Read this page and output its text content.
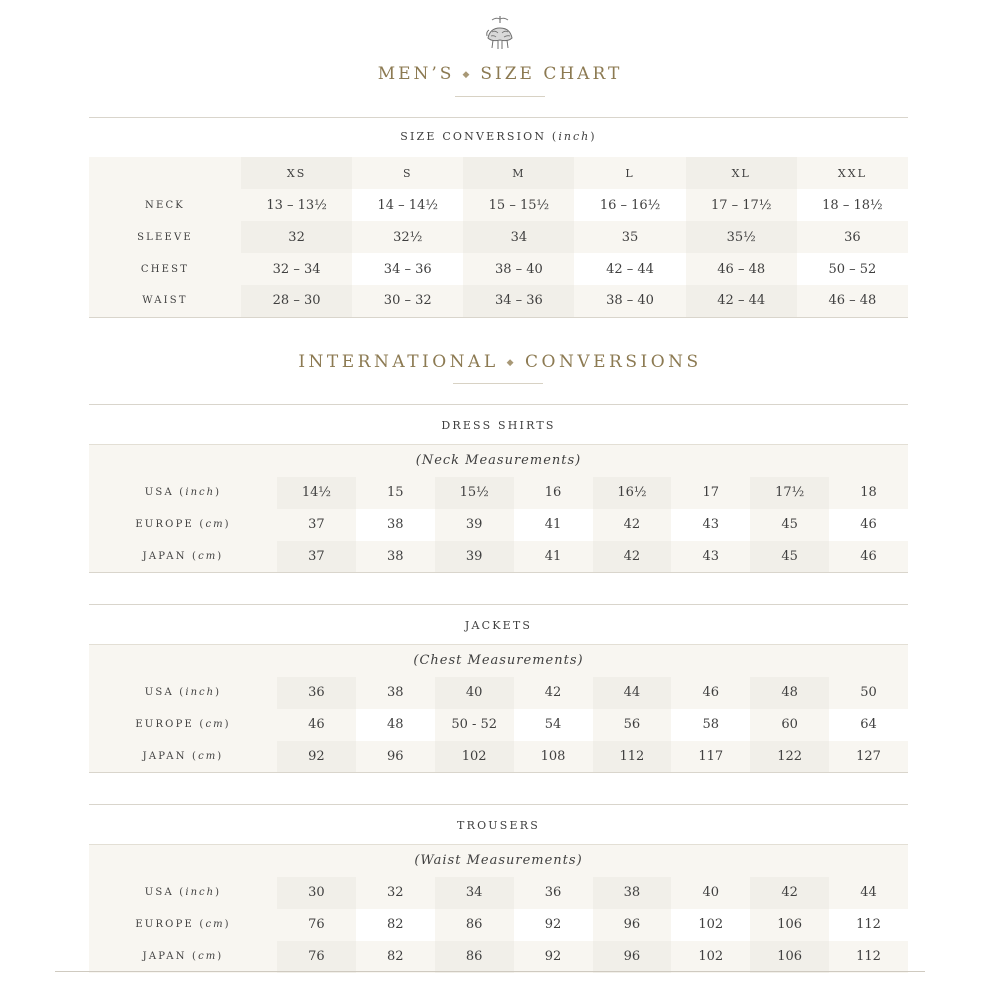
MEN’S ◆ SIZE CHART
SIZE CONVERSION (inch)
	XS	S	M	L	XL	XXL
NECK	13 – 13½	14 – 14½	15 – 15½	16 – 16½	17 – 17½	18 – 18½
SLEEVE	32	32½	34	35	35½	36
CHEST	32 – 34	34 – 36	38 – 40	42 – 44	46 – 48	50 – 52
WAIST	28 – 30	30 – 32	34 – 36	38 – 40	42 – 44	46 – 48
INTERNATIONAL ◆ CONVERSIONS
DRESS SHIRTS
(Neck Measurements)								
USA (inch)	14½	15	15½	16	16½	17	17½	18
EUROPE (cm)	37	38	39	41	42	43	45	46
JAPAN (cm)	37	38	39	41	42	43	45	46
JACKETS
(Chest Measurements)								
USA (inch)	36	38	40	42	44	46	48	50
EUROPE (cm)	46	48	50 - 52	54	56	58	60	64
JAPAN (cm)	92	96	102	108	112	117	122	127
TROUSERS
(Waist Measurements)								
USA (inch)	30	32	34	36	38	40	42	44
EUROPE (cm)	76	82	86	92	96	102	106	112
JAPAN (cm)	76	82	86	92	96	102	106	112
